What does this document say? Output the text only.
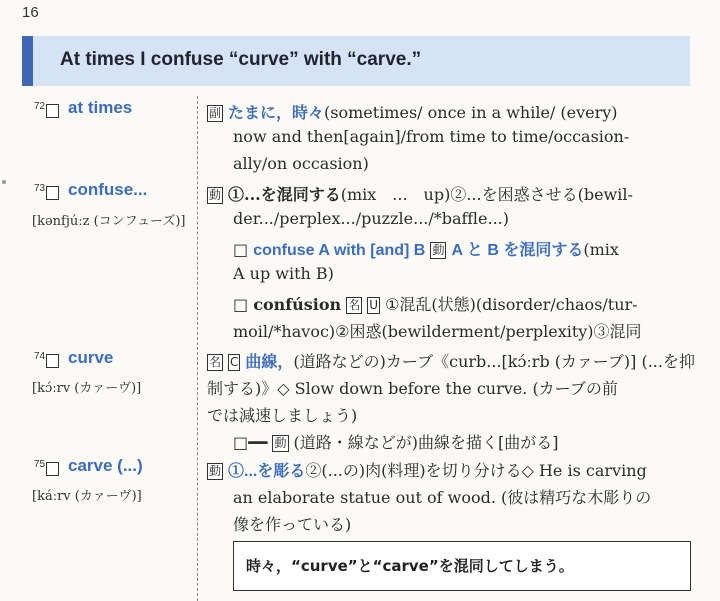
16
At times I confuse “curve” with “carve.”
72 at times	副 たまに，時々(sometimes/ once in a while/ (every)
now and then[again]/from time to time/occasion-
ally/on occasion)
73 confuse...
[kənfjúːz (コンフューズ)]
動 ①...を混同する(mix　...　up)②...を困惑させる(bewil-
der.../perplex.../puzzle.../*baffle...)
□ confuse A with [and] B 動 A と B を混同する(mix
A up with B)
□ confúsion 名 U ①混乱(状態)(disorder/chaos/tur-
moil/*havoc)②困惑(bewilderment/perplexity)③混同
74 curve
[kɔ́ːrv (カァーヴ)]
名 C 曲線，(道路などの)カーブ《curb...[kɔ́ːrb (カァーブ)] (...を抑
制する)》◇ Slow down before the curve. (カーブの前
では減速しましょう)
□━━ 動 (道路・線などが)曲線を描く[曲がる]
75 carve (...)
[káːrv (カァーヴ)]
動 ①...を彫る②(...の)肉(料理)を切り分ける◇ He is carving
an elaborate statue out of wood. (彼は精巧な木彫りの
像を作っている)
時々，“curve”と“carve”を混同してしまう。
